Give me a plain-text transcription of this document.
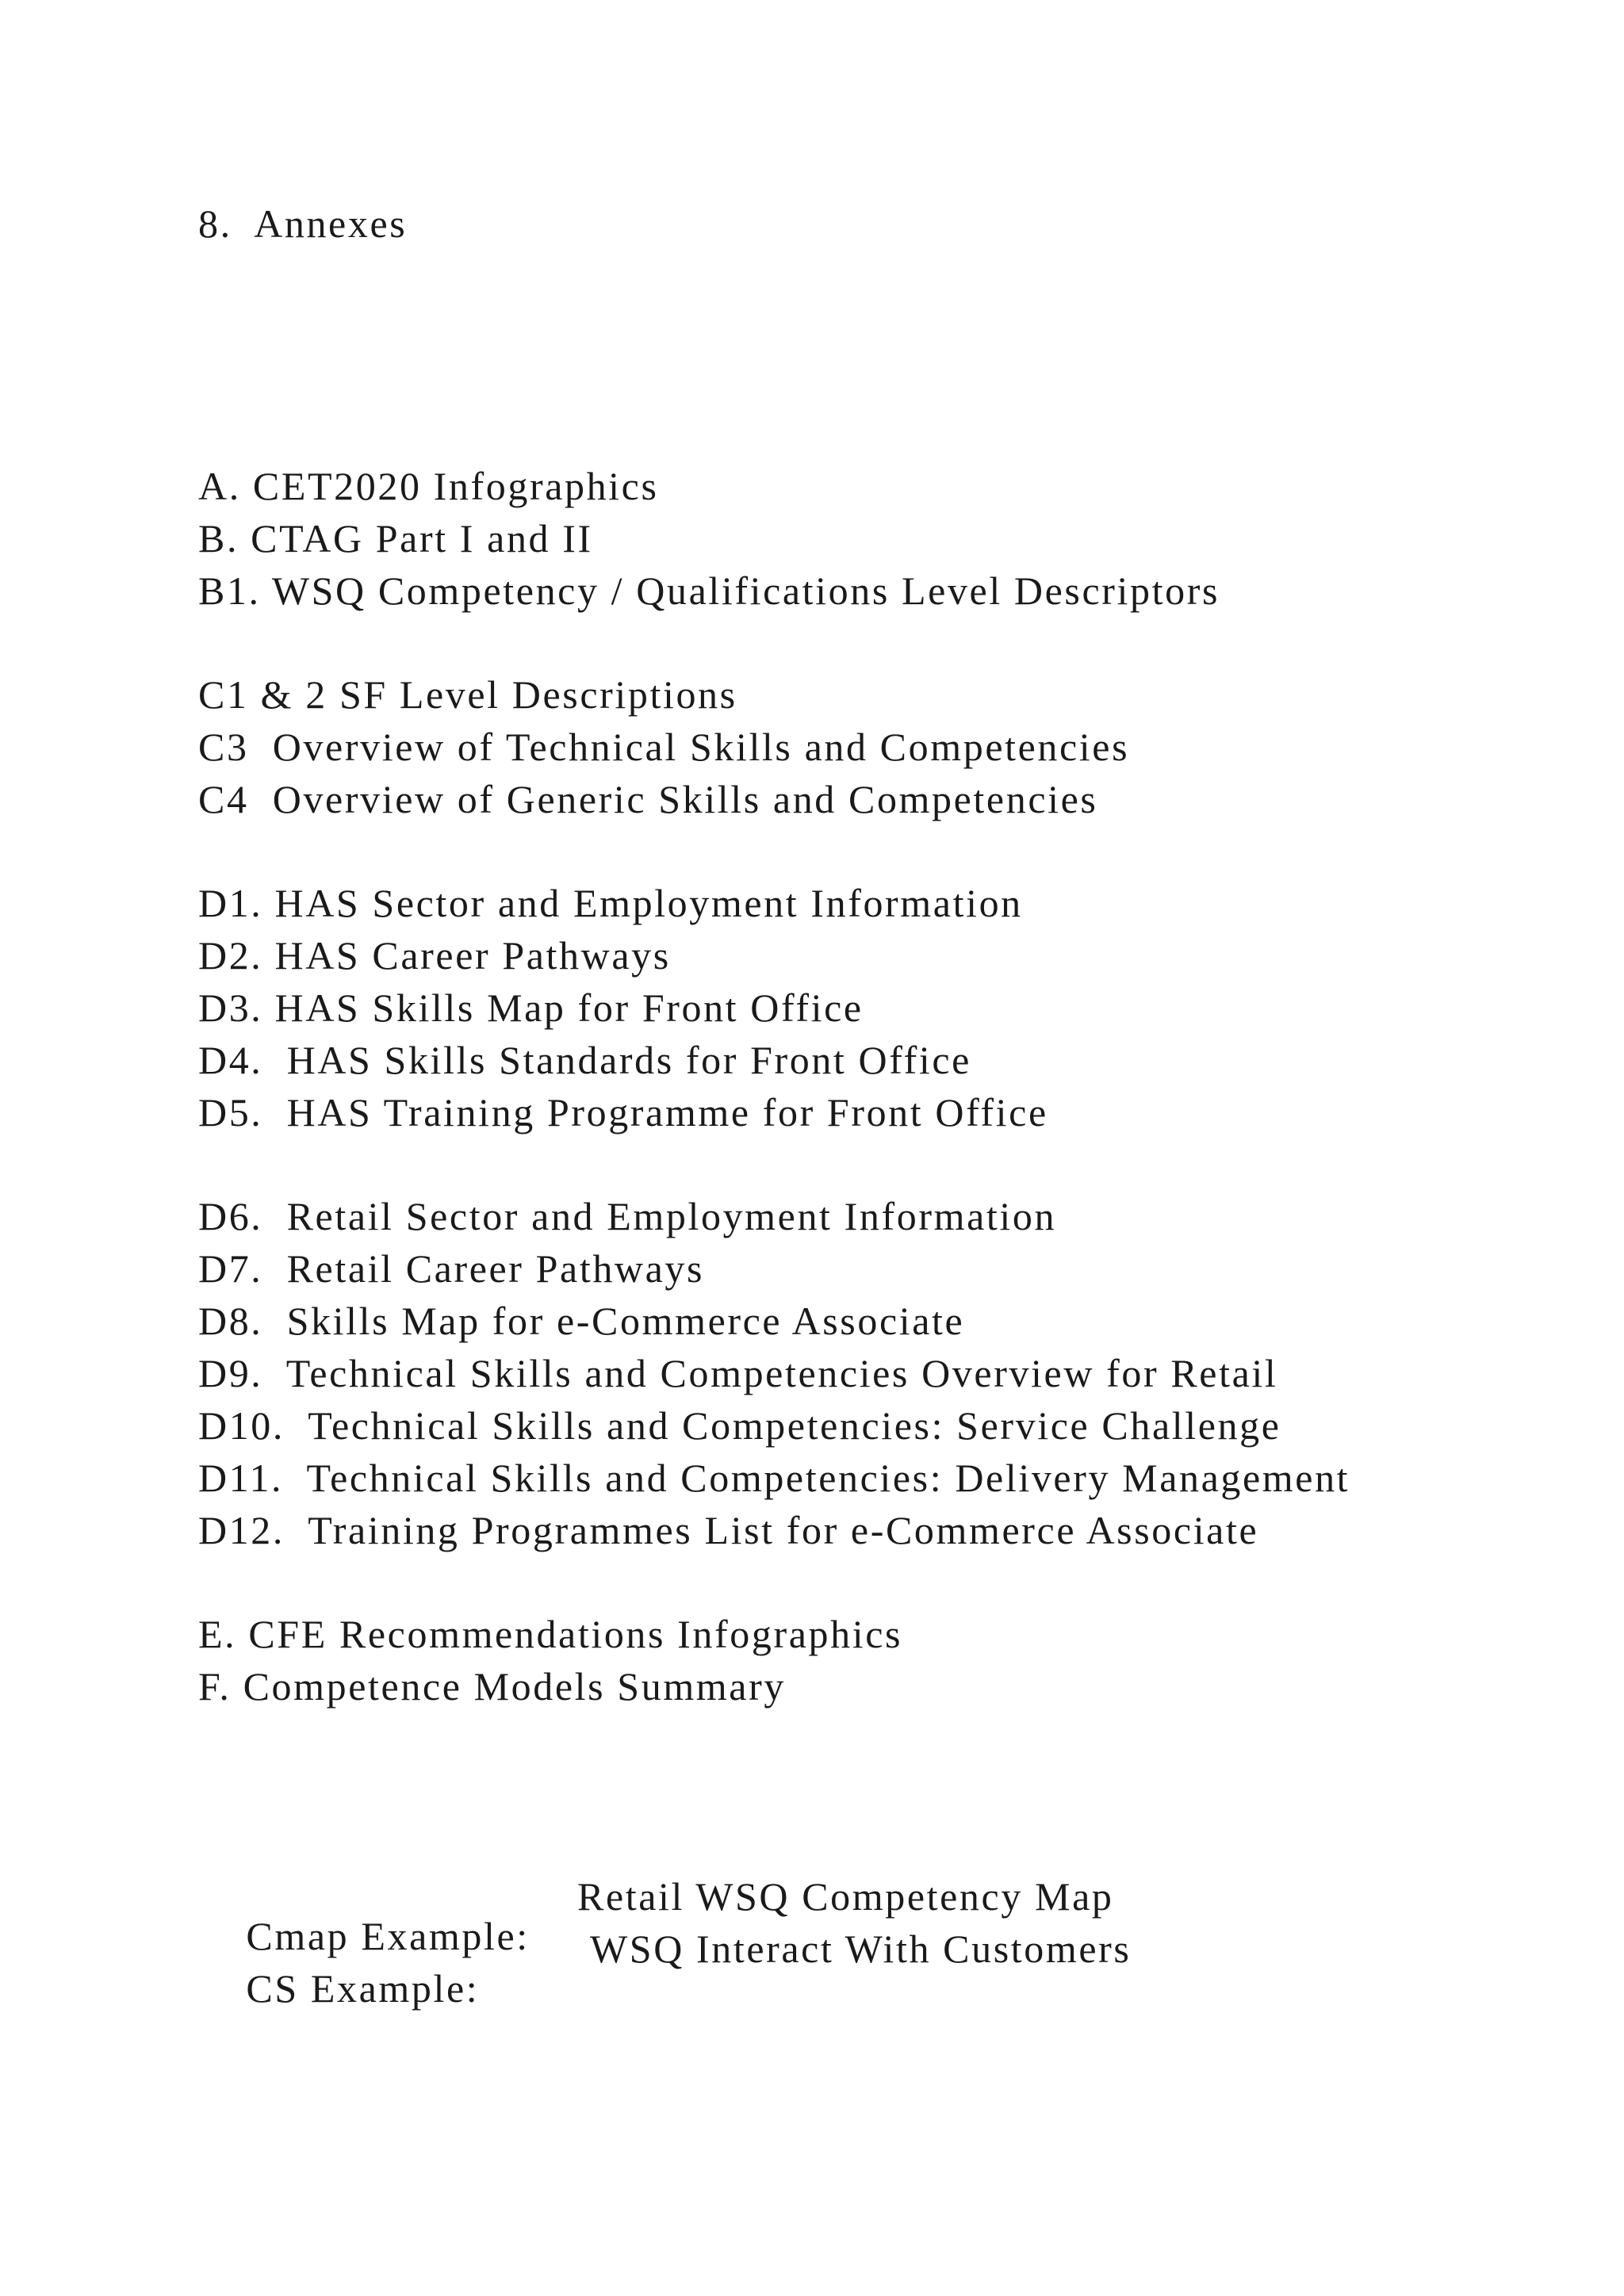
8.  Annexes
A. CET2020 Infographics
B. CTAG Part I and II
B1. WSQ Competency / Qualifications Level Descriptors
C1 & 2 SF Level Descriptions
C3  Overview of Technical Skills and Competencies
C4  Overview of Generic Skills and Competencies
D1. HAS Sector and Employment Information
D2. HAS Career Pathways
D3. HAS Skills Map for Front Office
D4.  HAS Skills Standards for Front Office
D5.  HAS Training Programme for Front Office
D6.  Retail Sector and Employment Information
D7.  Retail Career Pathways
D8.  Skills Map for e-Commerce Associate
D9.  Technical Skills and Competencies Overview for Retail
D10.  Technical Skills and Competencies: Service Challenge
D11.  Technical Skills and Competencies: Delivery Management
D12.  Training Programmes List for e-Commerce Associate
E. CFE Recommendations Infographics
F. Competence Models Summary

Cmap Example:

Retail WSQ Competency Map

CS Example:

WSQ Interact With Customers
